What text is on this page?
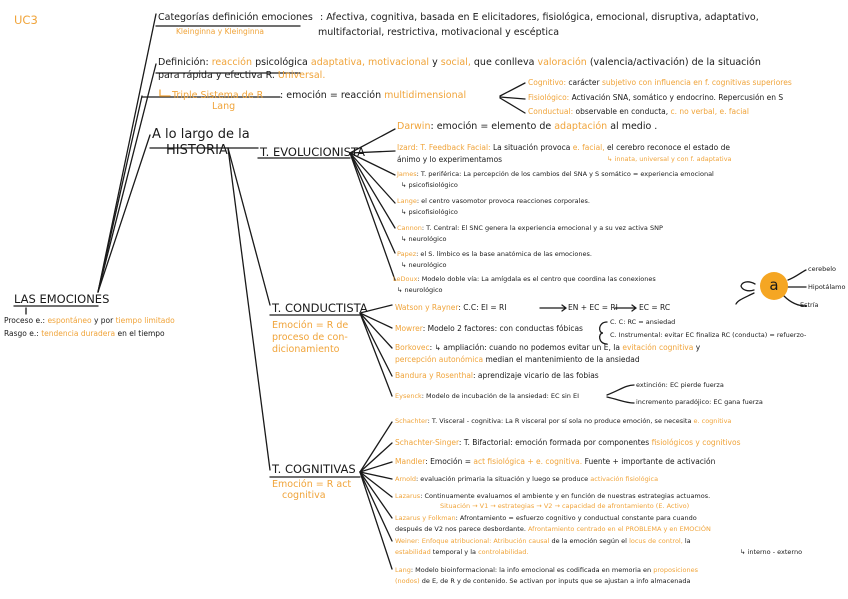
UC3
LAS EMOCIONES
Proceso e.: espontáneo y por tiempo limitado
Rasgo e.: tendencia duradera en el tiempo
Categorías definición emociones : Afectiva, cognitiva, basada en E elicitadores, fisiológica, emocional, disruptiva, adaptativo,
Kleinginna y Kleinginna	multifactorial, restrictiva, motivacional y escéptica
Definición: reacción psicológica adaptativa, motivacional y social, que conlleva valoración (valencia/activación) de la situación
para rápida y efectiva R. Universal.
Triple Sistema de R
Lang
: emoción = reacción multidimensional
Cognitivo: carácter subjetivo con influencia en f. cognitivas superiores
Fisiológico: Activación SNA, somático y endocrino. Repercusión en S
Conductual: observable en conducta, c. no verbal, e. facial
A lo largo de la
HISTORIA	T. EVOLUCIONISTA
Darwin: emoción = elemento de adaptación al medio .
Izard: T. Feedback Facial: La situación provoca e. facial, el cerebro reconoce el estado de
ánimo y lo experimentamos	↳ innata, universal y con f. adaptativa
James: T. periférica: La percepción de los cambios del SNA y S somático = experiencia emocional
↳ psicofisiológico
Lange: el centro vasomotor provoca reacciones corporales.
↳ psicofisiológico
Cannon: T. Central: El SNC genera la experiencia emocional y a su vez activa SNP
↳ neurológico
Papez: el S. límbico es la base anatómica de las emociones.
↳ neurológico
LeDoux: Modelo doble vía: La amígdala es el centro que coordina las conexiones
↳ neurológico	a
cerebelo
Hipotálamo
Estría
T. CONDUCTISTA
Emoción = R de
proceso de con-
dicionamiento
Watson y Rayner: C.C: EI = RI	EN + EC = RI	EC = RC
Mowrer: Modelo 2 factores: con conductas fóbicas
C. C: RC = ansiedad
C. Instrumental: evitar EC finaliza RC (conducta) = refuerzo-
Borkovec: ↳ ampliación: cuando no podemos evitar un E, la evitación cognitiva y
percepción autonómica median el mantenimiento de la ansiedad
Bandura y Rosenthal: aprendizaje vicario de las fobias
Eysenck: Modelo de incubación de la ansiedad: EC sin EI
extinción: EC pierde fuerza
incremento paradójico: EC gana fuerza
T. COGNITIVAS
Emoción = R act
cognitiva
Schachter: T. Visceral - cognitiva: La R visceral por sí sola no produce emoción, se necesita e. cognitiva
Schachter-Singer: T. Bifactorial: emoción formada por componentes fisiológicos y cognitivos
Mandler: Emoción = act fisiológica + e. cognitiva. Fuente + importante de activación
Arnold: evaluación primaria la situación y luego se produce activación fisiológica
Lazarus: Continuamente evaluamos el ambiente y en función de nuestras estrategias actuamos.
Situación → V1 → estrategias → V2 → capacidad de afrontamiento (E. Activo)
Lazarus y Folkman: Afrontamiento = esfuerzo cognitivo y conductual constante para cuando
después de V2 nos parece desbordante. Afrontamiento centrado en el PROBLEMA y en EMOCIÓN
Weiner: Enfoque atribucional: Atribución causal de la emoción según el locus de control, la
estabilidad temporal y la controlabilidad.	↳ interno - externo
Lang: Modelo bioinformacional: la info emocional es codificada en memoria en proposiciones
(nodos) de E, de R y de contenido. Se activan por inputs que se ajustan a info almacenada
